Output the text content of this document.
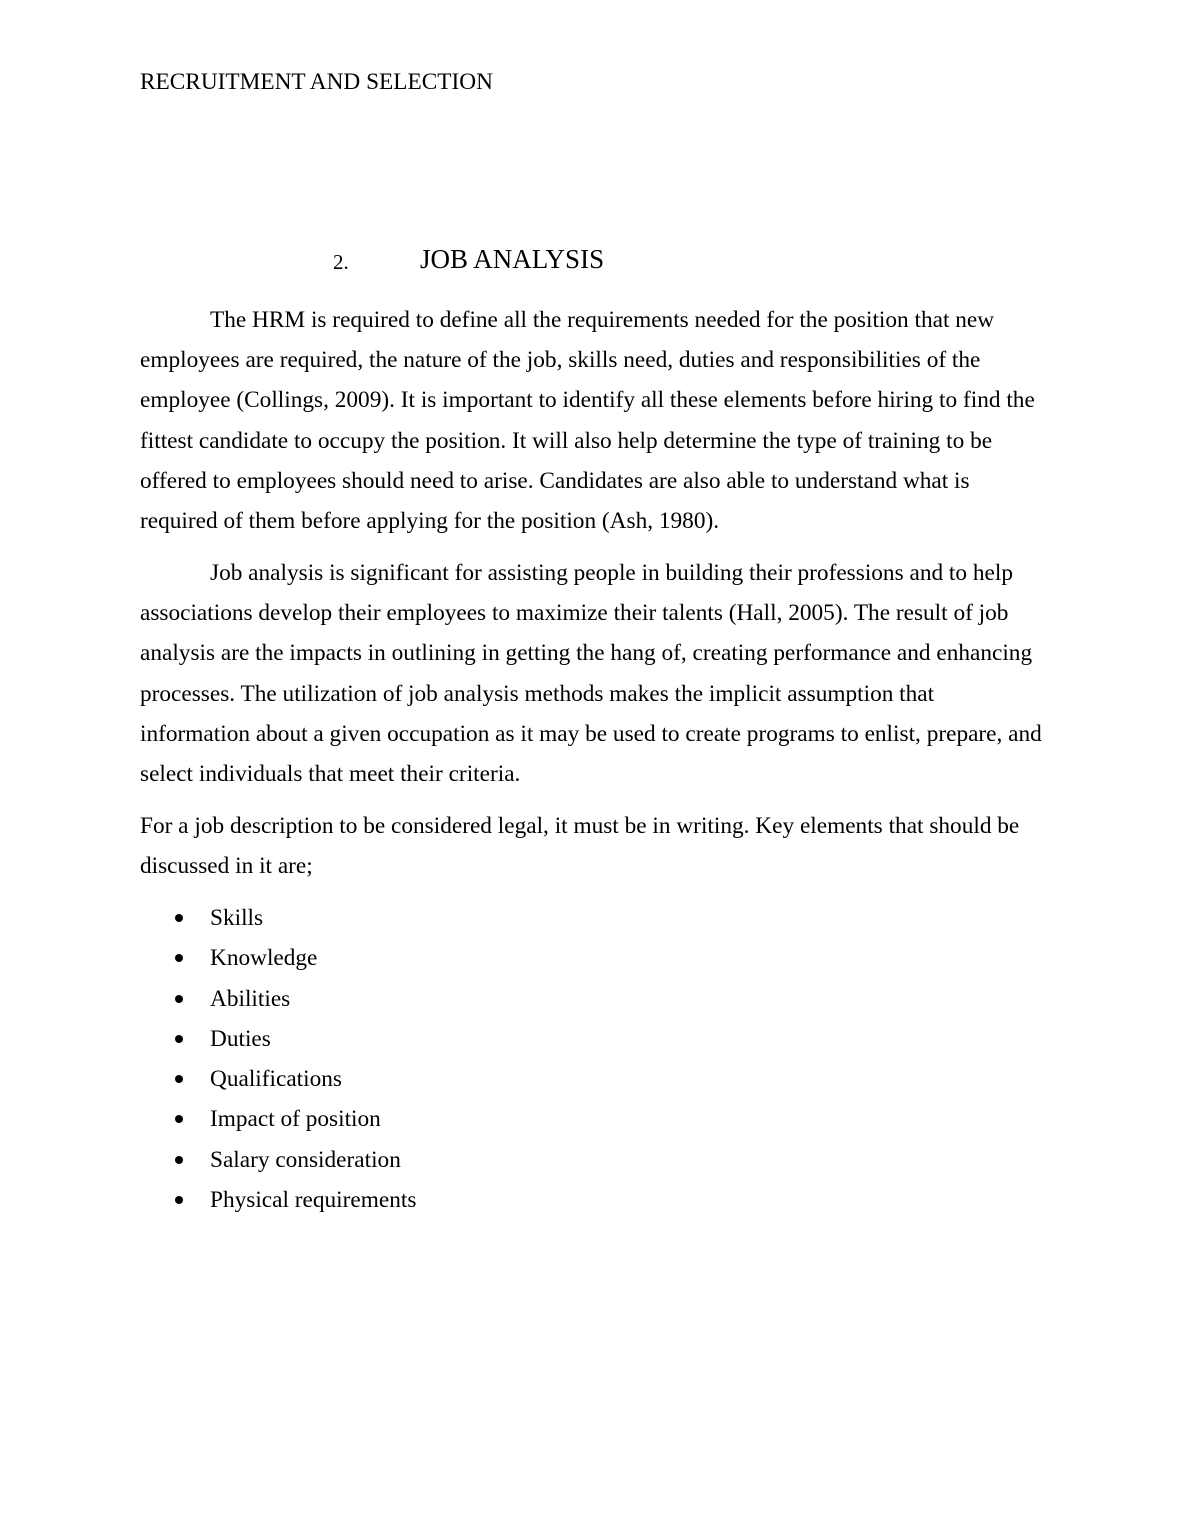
RECRUITMENT AND SELECTION
2.	JOB ANALYSIS
The HRM is required to define all the requirements needed for the position that new
employees are required, the nature of the job, skills need, duties and responsibilities of the
employee (Collings, 2009). It is important to identify all these elements before hiring to find the
fittest candidate to occupy the position. It will also help determine the type of training to be
offered to employees should need to arise. Candidates are also able to understand what is
required of them before applying for the position (Ash, 1980).
Job analysis is significant for assisting people in building their professions and to help
associations develop their employees to maximize their talents (Hall, 2005). The result of job
analysis are the impacts in outlining in getting the hang of, creating performance and enhancing
processes. The utilization of job analysis methods makes the implicit assumption that
information about a given occupation as it may be used to create programs to enlist, prepare, and
select individuals that meet their criteria.
For a job description to be considered legal, it must be in writing. Key elements that should be
discussed in it are;
Skills
Knowledge
Abilities
Duties
Qualifications
Impact of position
Salary consideration
Physical requirements
